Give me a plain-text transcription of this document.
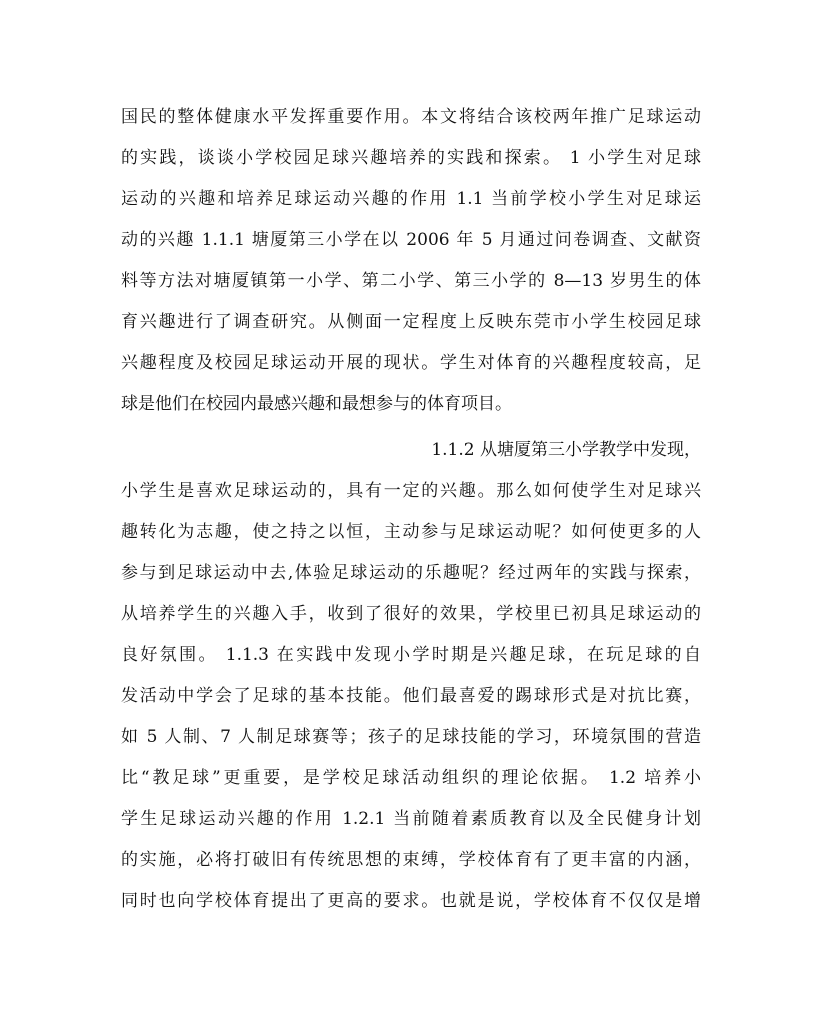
国民的整体健康水平发挥重要作用。本文将结合该校两年推广足球运动
的实践，谈谈小学校园足球兴趣培养的实践和探索。 1 小学生对足球
运动的兴趣和培养足球运动兴趣的作用 1.1 当前学校小学生对足球运
动的兴趣 1.1.1 塘厦第三小学在以 2006 年 5 月通过问卷调查、文献资
料等方法对塘厦镇第一小学、第二小学、第三小学的 8—13 岁男生的体
育兴趣进行了调查研究。从侧面一定程度上反映东莞市小学生校园足球
兴趣程度及校园足球运动开展的现状。学生对体育的兴趣程度较高，足
球是他们在校园内最感兴趣和最想参与的体育项目。
1.1.2 从塘厦第三小学教学中发现，
小学生是喜欢足球运动的，具有一定的兴趣。那么如何使学生对足球兴
趣转化为志趣，使之持之以恒，主动参与足球运动呢？如何使更多的人
参与到足球运动中去,体验足球运动的乐趣呢？经过两年的实践与探索，
从培养学生的兴趣入手，收到了很好的效果，学校里已初具足球运动的
良好氛围。 1.1.3 在实践中发现小学时期是兴趣足球，在玩足球的自
发活动中学会了足球的基本技能。他们最喜爱的踢球形式是对抗比赛，
如 5 人制、7 人制足球赛等；孩子的足球技能的学习，环境氛围的营造
比“教足球”更重要，是学校足球活动组织的理论依据。 1.2 培养小
学生足球运动兴趣的作用 1.2.1 当前随着素质教育以及全民健身计划
的实施，必将打破旧有传统思想的束缚，学校体育有了更丰富的内涵，
同时也向学校体育提出了更高的要求。也就是说，学校体育不仅仅是增
